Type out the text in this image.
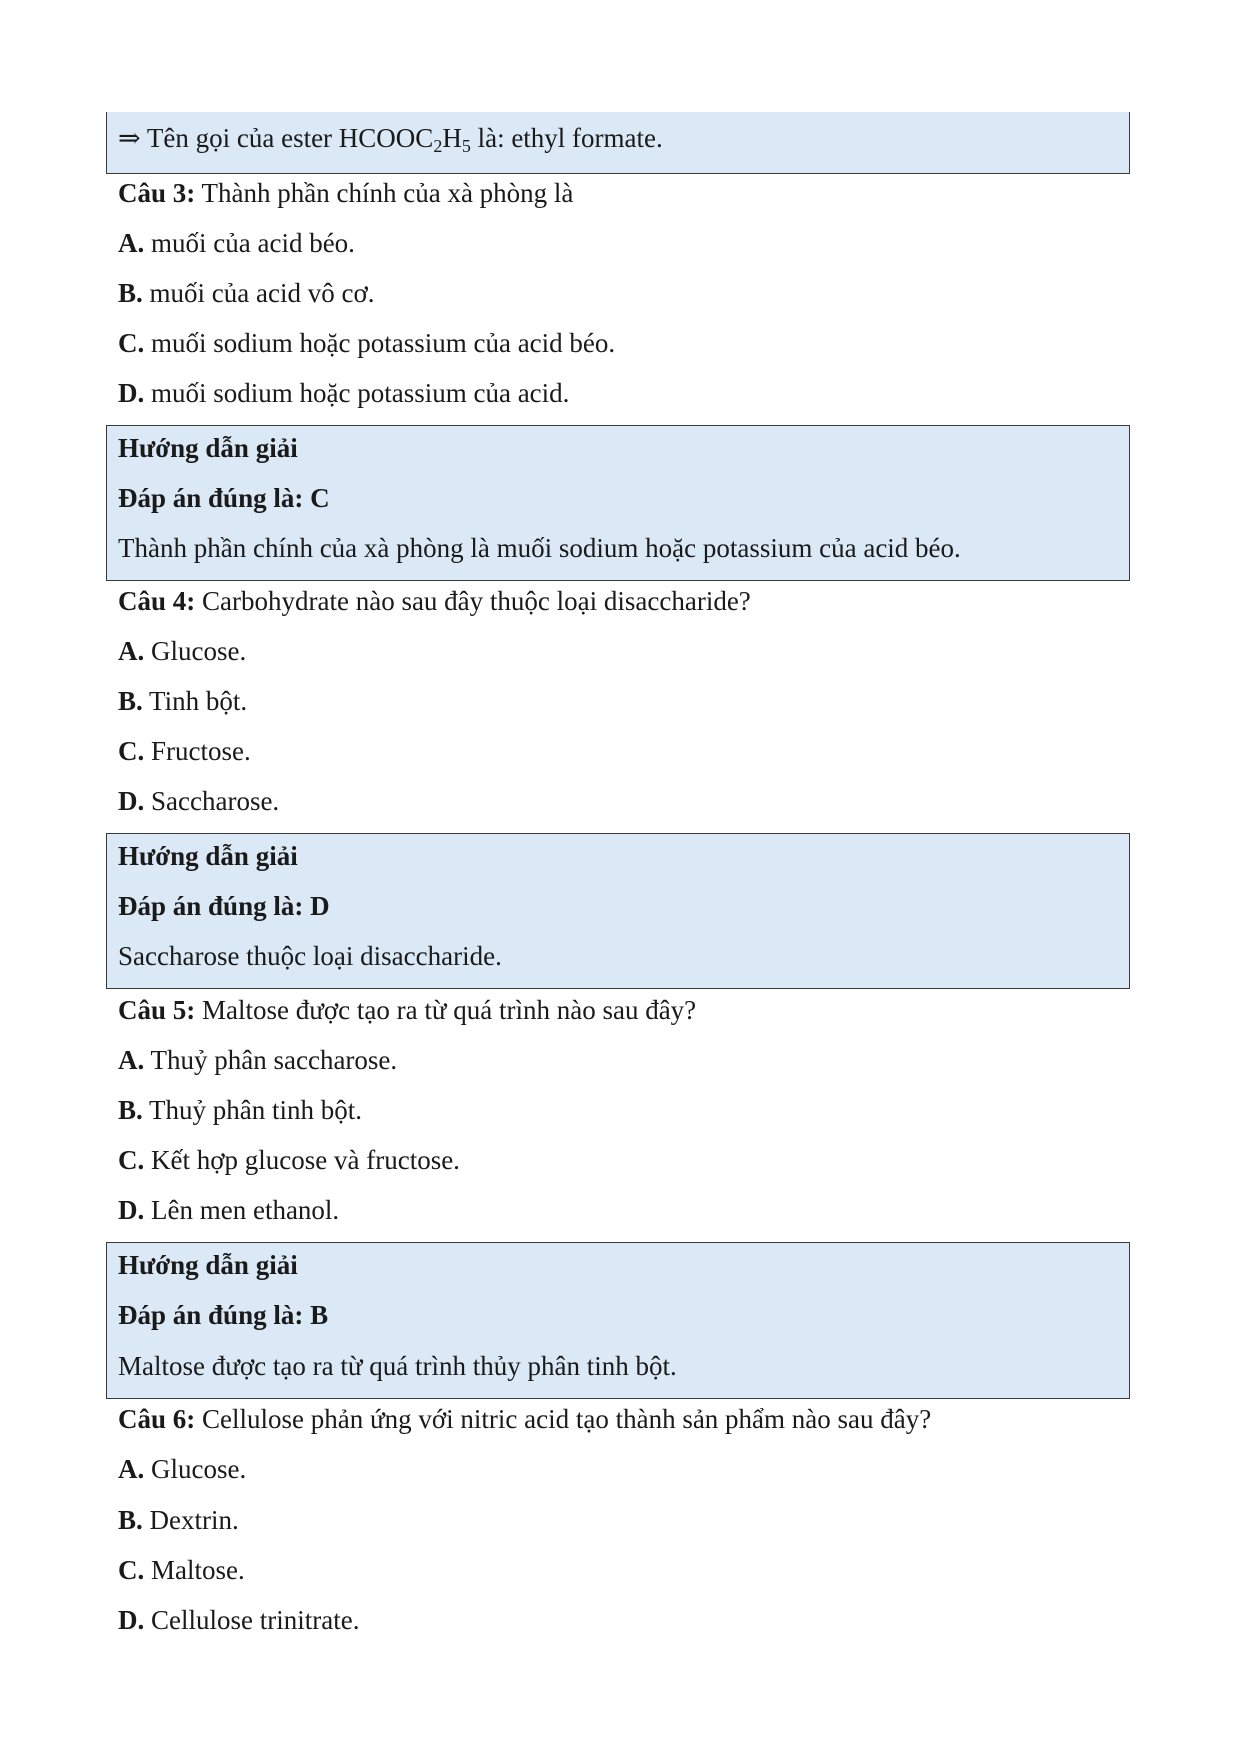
⇒ Tên gọi của ester $HCOOC_2H_5$ là: ethyl formate.
Câu 3: Thành phần chính của xà phòng là
A. muối của acid béo.
B. muối của acid vô cơ.
C. muối sodium hoặc potassium của acid béo.
D. muối sodium hoặc potassium của acid.
Hướng dẫn giải
Đáp án đúng là: C
Thành phần chính của xà phòng là muối sodium hoặc potassium của acid béo.
Câu 4: Carbohydrate nào sau đây thuộc loại disaccharide?
A. Glucose.
B. Tinh bột.
C. Fructose.
D. Saccharose.
Hướng dẫn giải
Đáp án đúng là: D
Saccharose thuộc loại disaccharide.
Câu 5: Maltose được tạo ra từ quá trình nào sau đây?
A. Thuỷ phân saccharose.
B. Thuỷ phân tinh bột.
C. Kết hợp glucose và fructose.
D. Lên men ethanol.
Hướng dẫn giải
Đáp án đúng là: B
Maltose được tạo ra từ quá trình thủy phân tinh bột.
Câu 6: Cellulose phản ứng với nitric acid tạo thành sản phẩm nào sau đây?
A. Glucose.
B. Dextrin.
C. Maltose.
D. Cellulose trinitrate.
